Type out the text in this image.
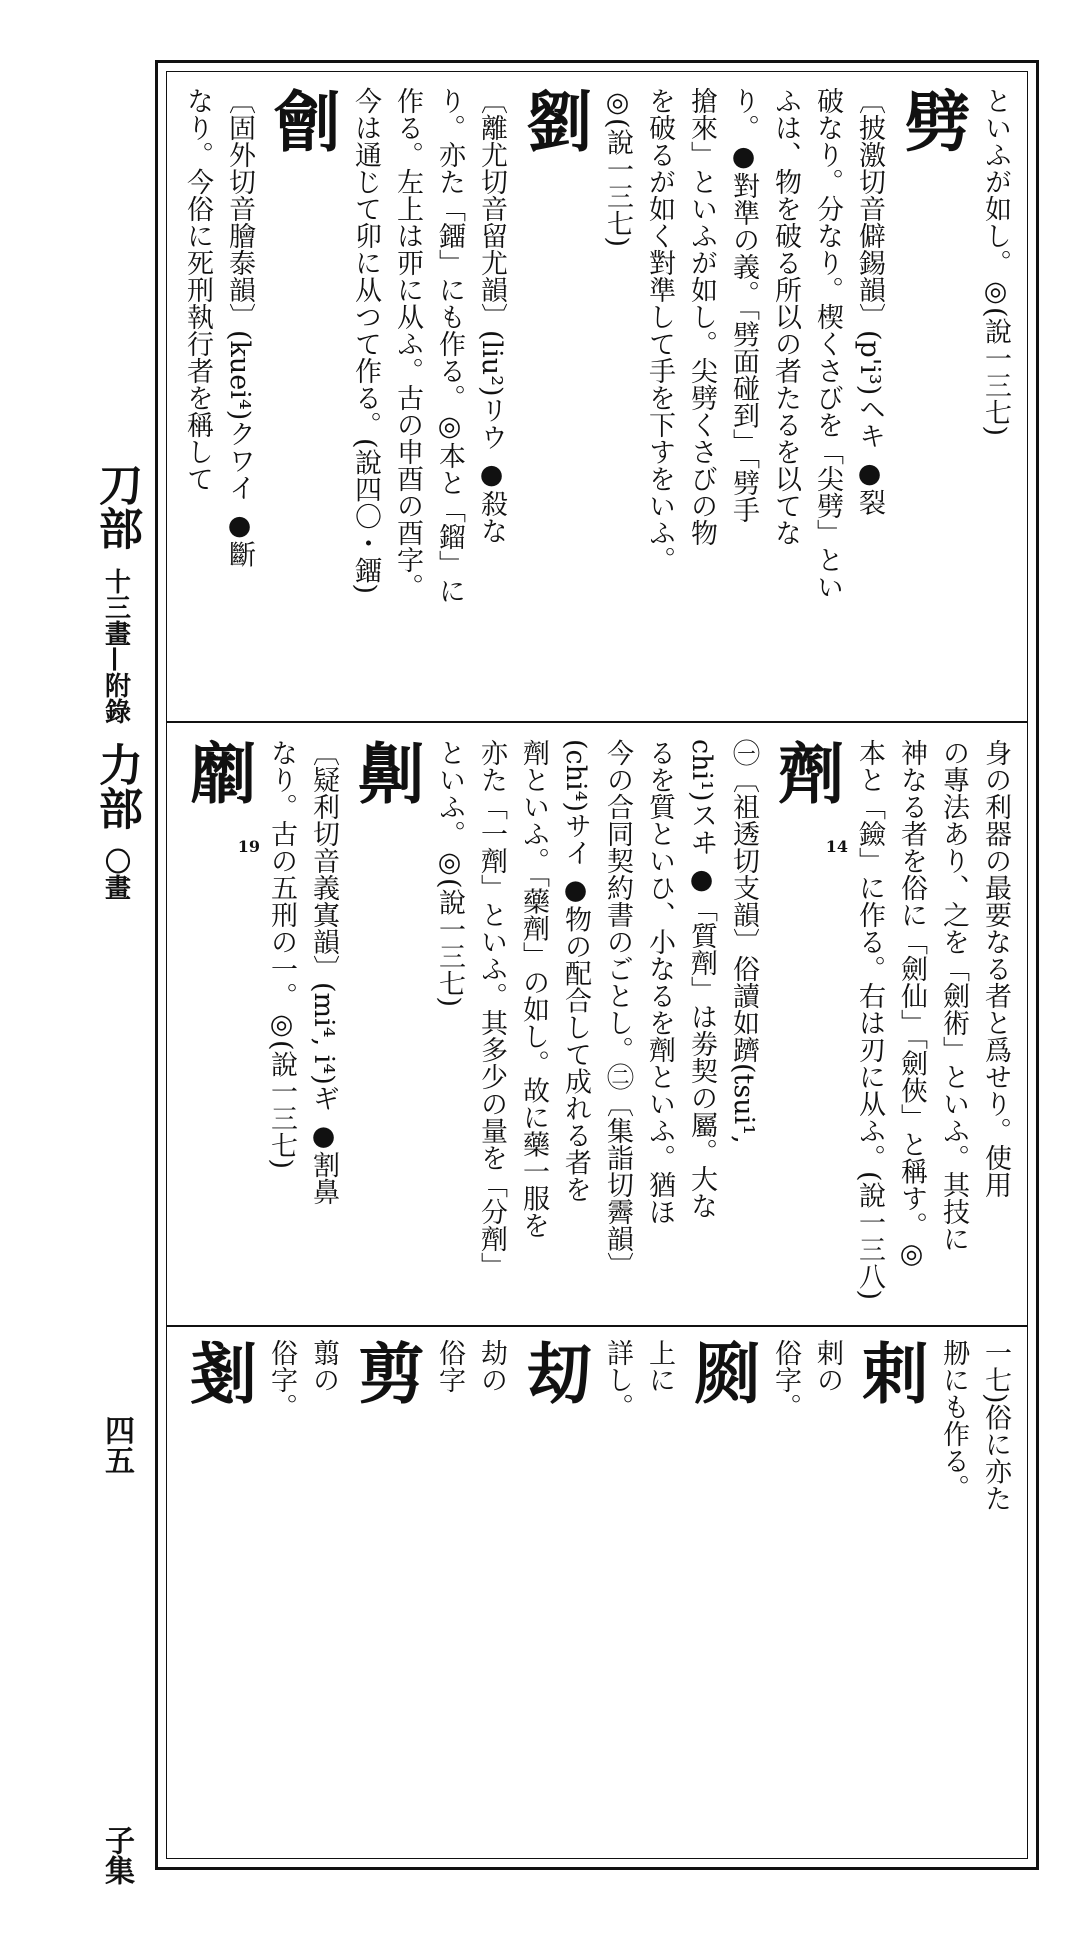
刀
部
十三畫—附錄
力
部
〇畫
四五
子集
といふが如し。◎(說一三七)
劈
〔披激切音僻錫韻〕(p'i³)ヘキ ●裂
破なり。分なり。楔くさびを「尖劈」とい
ふは、物を破る所以の者たるを以てな
り。●對準の義。「劈面碰到」「劈手
搶來」といふが如し。尖劈くさびの物
を破るが如く對準して手を下すをいふ。
◎(說一三七)
劉
〔離尤切音留尤韻〕(liu²)リウ ●殺な
り。亦た「鐂」にも作る。◎本と「鎦」に
作る。左上は丣に从ふ。古の申酉の酉字。
今は通じて卯に从つて作る。(說四〇・鐂)
劊
〔固外切音膾泰韻〕(kuei⁴)クワイ ●斷
なり。今俗に死刑執行者を稱して
身の利器の最要なる者と爲せり。使用
の專法あり、之を「劍術」といふ。其技に
神なる者を俗に「劍仙」「劍俠」と稱す。◎
本と「鐱」に作る。右は刃に从ふ。(說一三八)
劑14
㊀〔祖透切支韻〕俗讀如躋(tsui¹,
chi¹)スヰ ●「質劑」は劵契の屬。大な
るを質といひ、小なるを劑といふ。猶ほ
今の合同契約書のごとし。㊁〔集詣切霽韻〕
(chi⁴)サイ ●物の配合して成れる者を
劑といふ。「藥劑」の如し。故に藥一服を
亦た「一劑」といふ。其多少の量を「分劑」
といふ。◎(說一三七)
劓
〔疑利切音義寘韻〕(mi⁴, i⁴)ギ ●割鼻
なり。古の五刑の一。◎(說一三七)
劘19
一七)俗に亦た
刱にも作る。
剌
剌の
俗字。
㓹
上に
詳し。
刧
劫の
俗字
剪
翦の
俗字。
剗
